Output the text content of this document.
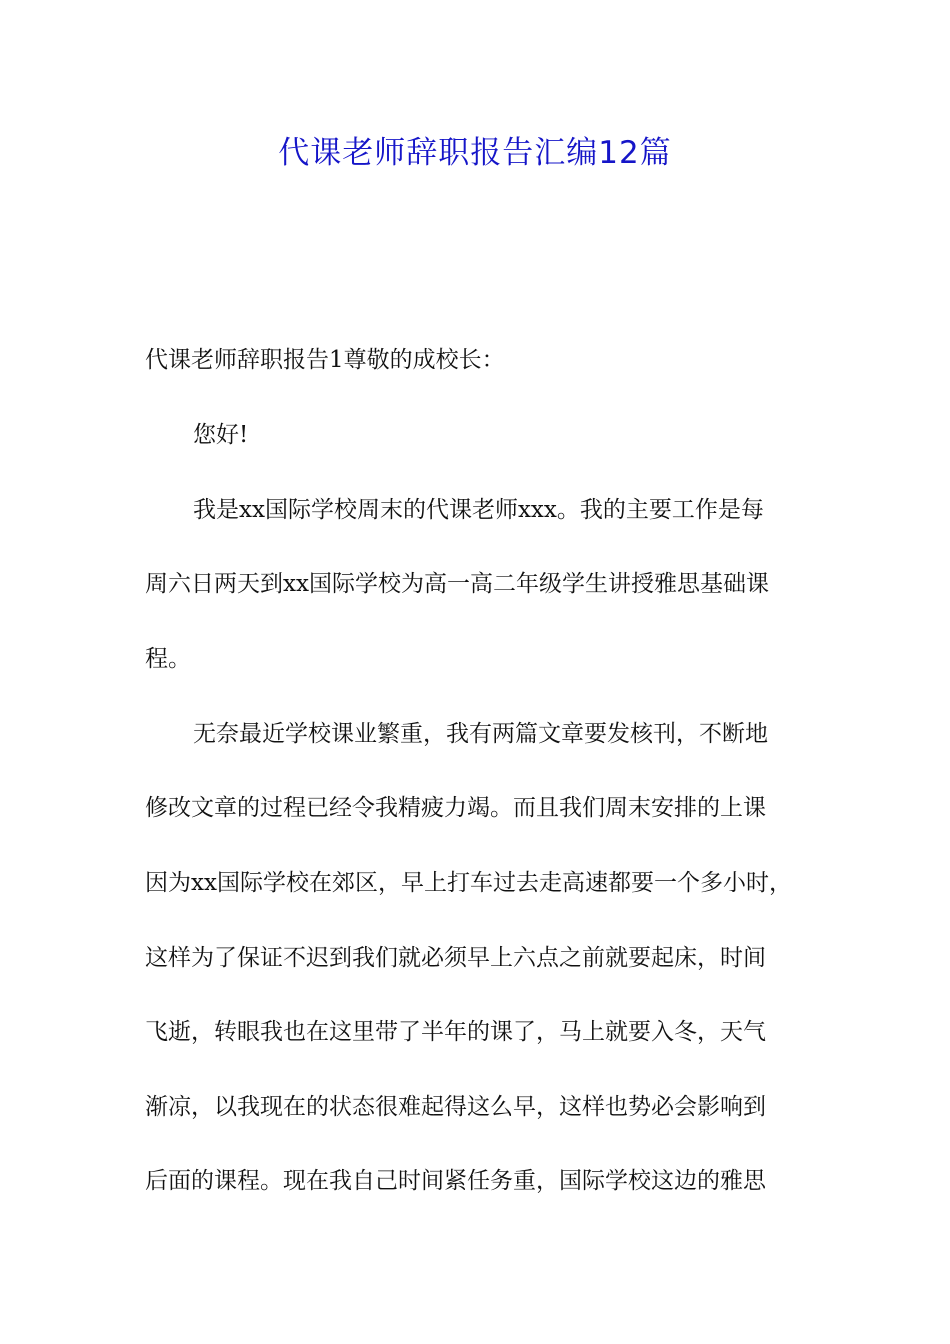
代课老师辞职报告汇编12篇

代课老师辞职报告1尊敬的成校长：

您好!

我是xx国际学校周末的代课老师xxx。我的主要工作是每

周六日两天到xx国际学校为高一高二年级学生讲授雅思基础课

程。

无奈最近学校课业繁重，我有两篇文章要发核刊，不断地

修改文章的过程已经令我精疲力竭。而且我们周末安排的上课

因为xx国际学校在郊区，早上打车过去走高速都要一个多小时，

这样为了保证不迟到我们就必须早上六点之前就要起床，时间

飞逝，转眼我也在这里带了半年的课了，马上就要入冬，天气

渐凉，以我现在的状态很难起得这么早，这样也势必会影响到

后面的课程。现在我自己时间紧任务重，国际学校这边的雅思
